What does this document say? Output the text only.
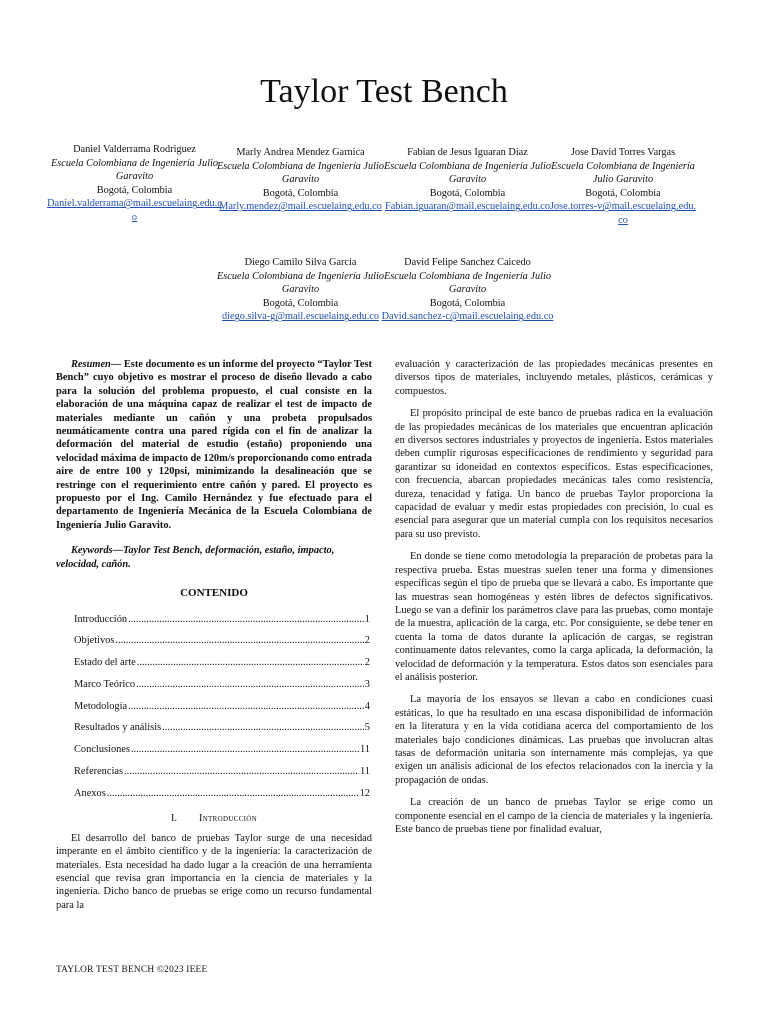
Taylor Test Bench
Daniel Valderrama Rodriguez
Escuela Colombiana de Ingeniería Julio Garavito
Bogotá, Colombia
Daniel.valderrama@mail.escuelaing.edu.co
Marly Andrea Mendez Garnica
Escuela Colombiana de Ingeniería Julio Garavito
Bogotá, Colombia
Marly.mendez@mail.escuelaing.edu.co
Fabian de Jesus Iguaran Diaz
Escuela Colombiana de Ingeniería Julio Garavito
Bogotá, Colombia
Fabian.iguaran@mail.escuelaing.edu.co
Jose David Torres Vargas
Escuela Colombiana de Ingeniería Julio Garavito
Bogotá, Colombia
Jose.torres-v@mail.escuelaing.edu.co
Diego Camilo Silva Garcia
Escuela Colombiana de Ingeniería Julio Garavito
Bogotá, Colombia
diego.silva-g@mail.escuelaing.edu.co
David Felipe Sanchez Caicedo
Escuela Colombiana de Ingeniería Julio Garavito
Bogotá, Colombia
David.sanchez-c@mail.escuelaing.edu.co

Resumen— Este documento es un informe del proyecto “Taylor Test Bench” cuyo objetivo es mostrar el proceso de diseño llevado a cabo para la solución del problema propuesto, el cual consiste en la elaboración de una máquina capaz de realizar el test de impacto de materiales mediante un cañón y una probeta propulsados neumáticamente contra una pared rígida con el fin de analizar la deformación del material de estudio (estaño) proponiendo una velocidad máxima de impacto de 120m/s proporcionando como entrada aire de entre 100 y 120psi, minimizando la desalineación que se restringe con el requerimiento entre cañón y pared. El proyecto es propuesto por el Ing. Camilo Hernández y fue efectuado para el departamento de Ingeniería Mecánica de la Escuela Colombiana de Ingeniería Julio Garavito.

Keywords—Taylor Test Bench, deformación, estaño, impacto, velocidad, cañón.

CONTENIDO
Introducción .....	1
Objetivos .....	2
Estado del arte .....	2
Marco Teórico .....	3
Metodología .....	4
Resultados y análisis .....	5
Conclusiones .....	11
Referencias .....	11
Anexos .....	12
I. Introducción

El desarrollo del banco de pruebas Taylor surge de una necesidad imperante en el ámbito científico y de la ingeniería: la caracterización de materiales. Esta necesidad ha dado lugar a la creación de una herramienta esencial que revisa gran importancia en la ciencia de materiales y la ingeniería. Dicho banco de pruebas se erige como un recurso fundamental para la

evaluación y caracterización de las propiedades mecánicas presentes en diversos tipos de materiales, incluyendo metales, plásticos, cerámicas y compuestos.

El propósito principal de este banco de pruebas radica en la evaluación de las propiedades mecánicas de los materiales que encuentran aplicación en diversos sectores industriales y proyectos de ingeniería. Estos materiales deben cumplir rigurosas especificaciones de rendimiento y seguridad para garantizar su idoneidad en contextos específicos. Estas especificaciones, con frecuencia, abarcan propiedades mecánicas tales como resistencia, dureza, tenacidad y fatiga. Un banco de pruebas Taylor proporciona la capacidad de evaluar y medir estas propiedades con precisión, lo cual es esencial para asegurar que un material cumpla con los requisitos necesarios para su uso previsto.

En donde se tiene como metodología la preparación de probetas para la respectiva prueba. Estas muestras suelen tener una forma y dimensiones específicas según el tipo de prueba que se llevará a cabo. Es importante que las muestras sean homogéneas y estén libres de defectos significativos. Luego se van a definir los parámetros clave para las pruebas, como montaje de la muestra, aplicación de la carga, etc. Por consiguiente, se debe tener en cuenta la toma de datos durante la aplicación de cargas, se registran continuamente datos relevantes, como la carga aplicada, la deformación, la velocidad de deformación y la temperatura. Estos datos son esenciales para el análisis posterior.

La mayoría de los ensayos se llevan a cabo en condiciones cuasi estáticas, lo que ha resultado en una escasa disponibilidad de información en la literatura y en la vida cotidiana acerca del comportamiento de los materiales bajo condiciones dinámicas. Las pruebas que involucran altas tasas de deformación unitaria son internamente más complejas, ya que exigen un análisis adicional de los efectos relacionados con la inercia y la propagación de ondas.

La creación de un banco de pruebas Taylor se erige como un componente esencial en el campo de la ciencia de materiales y la ingeniería. Este banco de pruebas tiene por finalidad evaluar,

TAYLOR TEST BENCH ©2023 IEEE
